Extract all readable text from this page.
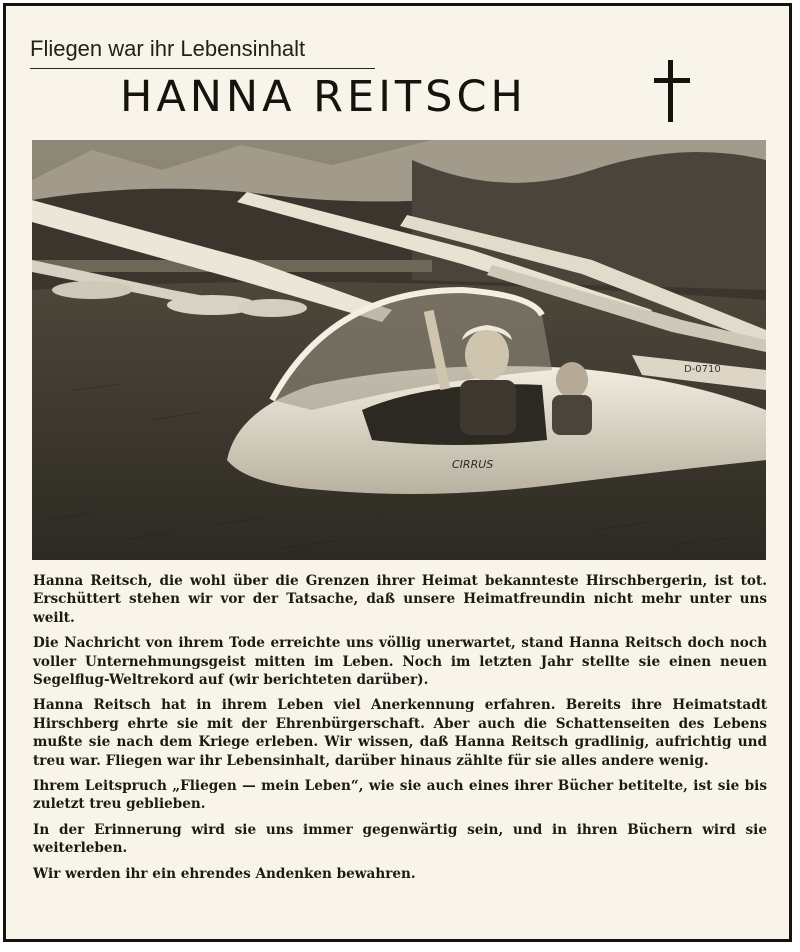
Fliegen war ihr Lebensinhalt
HANNA REITSCH
CIRRUS
D-0710

Hanna Reitsch, die wohl über die Grenzen ihrer Heimat bekannteste Hirschbergerin, ist tot. Erschüttert stehen wir vor der Tatsache, daß unsere Heimatfreundin nicht mehr unter uns weilt.

Die Nachricht von ihrem Tode erreichte uns völlig unerwartet, stand Hanna Reitsch doch noch voller Unternehmungsgeist mitten im Leben. Noch im letzten Jahr stellte sie einen neuen Segelflug-Weltrekord auf (wir berichteten darüber).

Hanna Reitsch hat in ihrem Leben viel Anerkennung erfahren. Bereits ihre Heimatstadt Hirschberg ehrte sie mit der Ehrenbürgerschaft. Aber auch die Schattenseiten des Lebens mußte sie nach dem Kriege erleben. Wir wissen, daß Hanna Reitsch gradlinig, aufrichtig und treu war. Fliegen war ihr Lebensinhalt, darüber hinaus zählte für sie alles andere wenig.

Ihrem Leitspruch „Fliegen — mein Leben“, wie sie auch eines ihrer Bücher betitelte, ist sie bis zuletzt treu geblieben.

In der Erinnerung wird sie uns immer gegenwärtig sein, und in ihren Büchern wird sie weiterleben.

Wir werden ihr ein ehrendes Andenken bewahren.
